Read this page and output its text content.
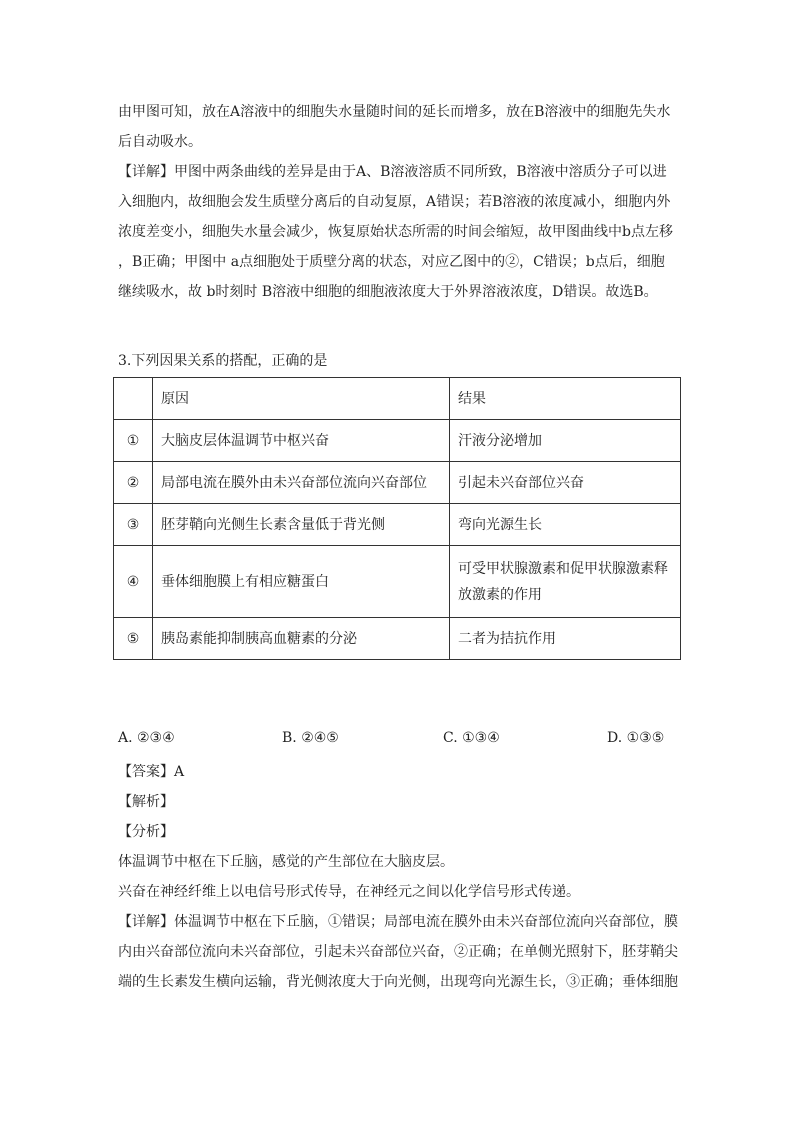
由甲图可知，放在A溶液中的细胞失水量随时间的延长而增多，放在B溶液中的细胞先失水
后自动吸水。
【详解】甲图中两条曲线的差异是由于A、B溶液溶质不同所致，B溶液中溶质分子可以进
入细胞内，故细胞会发生质壁分离后的自动复原，A错误；若B溶液的浓度减小，细胞内外
浓度差变小，细胞失水量会减少，恢复原始状态所需的时间会缩短，故甲图曲线中b点左移
，B正确；甲图中 a点细胞处于质壁分离的状态，对应乙图中的②，C错误；b点后，细胞
继续吸水，故 b时刻时 B溶液中细胞的细胞液浓度大于外界溶液浓度，D错误。故选B。
3.下列因果关系的搭配，正确的是
	原因	结果
①	大脑皮层体温调节中枢兴奋	汗液分泌增加
②	局部电流在膜外由未兴奋部位流向兴奋部位	引起未兴奋部位兴奋
③	胚芽鞘向光侧生长素含量低于背光侧	弯向光源生长
④	垂体细胞膜上有相应糖蛋白	可受甲状腺激素和促甲状腺激素释放激素的作用
⑤	胰岛素能抑制胰高血糖素的分泌	二者为拮抗作用
A. ②③④	B. ②④⑤	C. ①③④	D. ①③⑤
【答案】A
【解析】
【分析】
体温调节中枢在下丘脑，感觉的产生部位在大脑皮层。
兴奋在神经纤维上以电信号形式传导，在神经元之间以化学信号形式传递。
【详解】体温调节中枢在下丘脑，①错误；局部电流在膜外由未兴奋部位流向兴奋部位，膜
内由兴奋部位流向未兴奋部位，引起未兴奋部位兴奋，②正确；在单侧光照射下，胚芽鞘尖
端的生长素发生横向运输，背光侧浓度大于向光侧，出现弯向光源生长，③正确；垂体细胞
